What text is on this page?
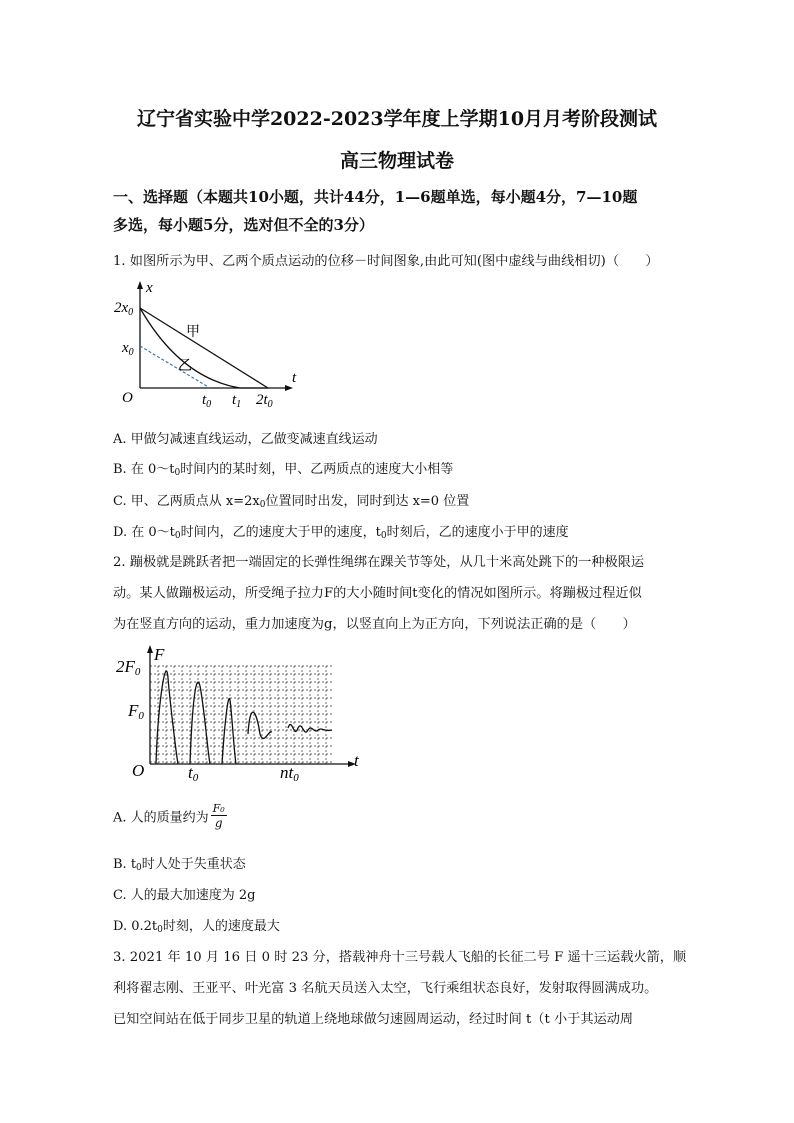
辽宁省实验中学2022-2023学年度上学期10月月考阶段测试
高三物理试卷
一、选择题（本题共10小题，共计44分，1—6题单选，每小题4分，7—10题
多选，每小题5分，选对但不全的3分）
1. 如图所示为甲、乙两个质点运动的位移－时间图象,由此可知(图中虚线与曲线相切)（　　）
$2x_0$
$x_0$
x
t
O	$t_0$ $t_1$ $2t_0$
甲
乙
A. 甲做匀减速直线运动，乙做变减速直线运动
B. 在 $0\sim t_0$时间内的某时刻，甲、乙两质点的速度大小相等
C. 甲、乙两质点从 $x=2x_0$位置同时出发，同时到达 x=0 位置
D. 在 $0\sim t_0$时间内，乙的速度大于甲的速度，$t_0$时刻后，乙的速度小于甲的速度
2. 蹦极就是跳跃者把一端固定的长弹性绳绑在踝关节等处，从几十米高处跳下的一种极限运
动。某人做蹦极运动，所受绳子拉力F的大小随时间t变化的情况如图所示。将蹦极过程近似
为在竖直方向的运动，重力加速度为g，以竖直向上为正方向，下列说法正确的是（　　）
2F0
F0
F
t
O	t0	nt0
A. 人的质量约为 $\frac{\text{F₀}}{g}$
B. $t_0$时人处于失重状态
C. 人的最大加速度为 2g
D. $0.2t_0$时刻，人的速度最大
3. 2021 年 10 月 16 日 0 时 23 分，搭载神舟十三号载人飞船的长征二号 F 遥十三运载火箭，顺
利将翟志刚、王亚平、叶光富 3 名航天员送入太空，飞行乘组状态良好，发射取得圆满成功。
已知空间站在低于同步卫星的轨道上绕地球做匀速圆周运动，经过时间 t（t 小于其运动周
